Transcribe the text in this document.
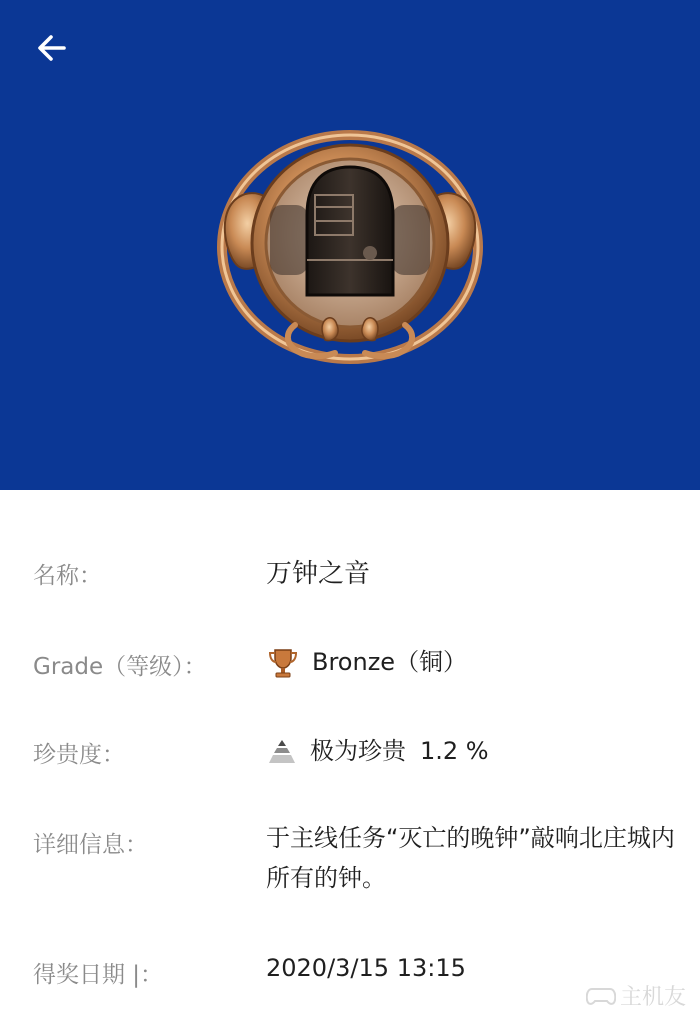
名称：	万钟之音
Grade（等级）：	Bronze（铜）
珍贵度：	极为珍贵 1.2 %
详细信息：	于主线任务“灭亡的晚钟”敲响北庄城内所有的钟。
得奖日期 |：	2020/3/15 13:15
主机友
